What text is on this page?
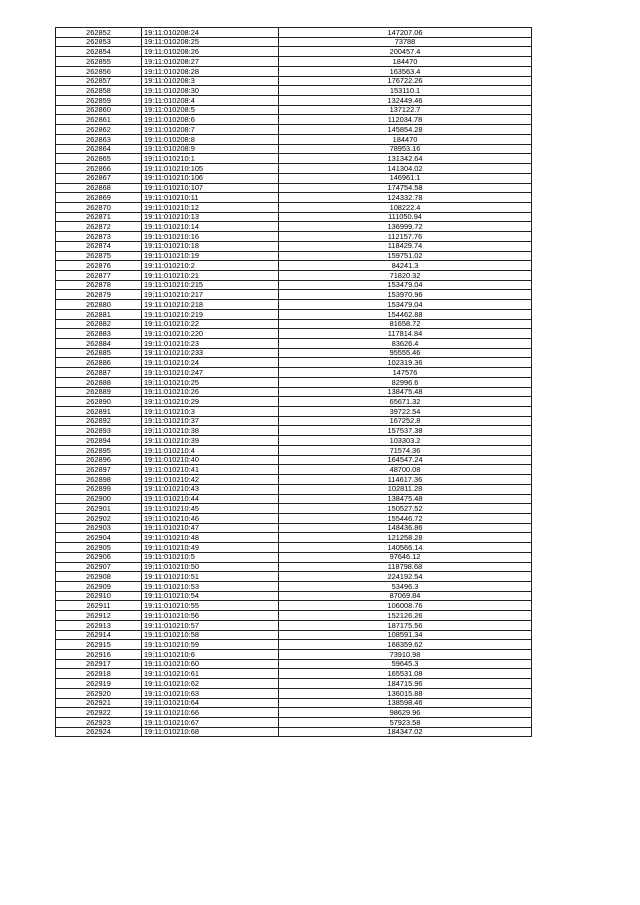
262852	19:11:010208:24	147207.06
262853	19:11:010208:25	73788
262854	19:11:010208:26	200457.4
262855	19:11:010208:27	184470
262856	19:11:010208:28	163563.4
262857	19:11:010208:3	176722.26
262858	19:11:010208:30	153110.1
262859	19:11:010208:4	132449.46
262860	19:11:010208:5	137122.7
262861	19:11:010208:6	112034.78
262862	19:11:010208:7	145854.28
262863	19:11:010208:8	184470
262864	19:11:010208:9	78953.16
262865	19:11:010210:1	131342.64
262866	19:11:010210:105	141304.02
262867	19:11:010210:106	146961.1
262868	19:11:010210:107	174754.58
262869	19:11:010210:11	124332.78
262870	19:11:010210:12	108222.4
262871	19:11:010210:13	111050.94
262872	19:11:010210:14	136999.72
262873	19:11:010210:16	112157.76
262874	19:11:010210:18	118429.74
262875	19:11:010210:19	159751.02
262876	19:11:010210:2	84241.3
262877	19:11:010210:21	71820.32
262878	19:11:010210:215	153479.04
262879	19:11:010210:217	153970.96
262880	19:11:010210:218	153479.04
262881	19:11:010210:219	154462.88
262882	19:11:010210:22	81658.72
262883	19:11:010210:220	117814.84
262884	19:11:010210:23	83626.4
262885	19:11:010210:233	95555.46
262886	19:11:010210:24	102319.36
262887	19:11:010210:247	147576
262888	19:11:010210:25	82996.6
262889	19:11:010210:26	138475.48
262890	19:11:010210:29	65671.32
262891	19:11:010210:3	39722.54
262892	19:11:010210:37	167252.8
262893	19:11:010210:38	157537.38
262894	19:11:010210:39	103303.2
262895	19:11:010210:4	71574.36
262896	19:11:010210:40	164547.24
262897	19:11:010210:41	48700.08
262898	19:11:010210:42	114617.36
262899	19:11:010210:43	102811.28
262900	19:11:010210:44	138475.48
262901	19:11:010210:45	150527.52
262902	19:11:010210:46	155446.72
262903	19:11:010210:47	148436.86
262904	19:11:010210:48	121258.28
262905	19:11:010210:49	140566.14
262906	19:11:010210:5	97646.12
262907	19:11:010210:50	118798.68
262908	19:11:010210:51	224192.54
262909	19:11:010210:53	53496.3
262910	19:11:010210:54	87069.84
262911	19:11:010210:55	106008.76
262912	19:11:010210:56	152126.26
262913	19:11:010210:57	187175.56
262914	19:11:010210:58	108591.34
262915	19:11:010210:59	168359.62
262916	19:11:010210:6	73910.98
262917	19:11:010210:60	59645.3
262918	19:11:010210:61	165531.08
262919	19:11:010210:62	184715.96
262920	19:11:010210:63	136015.88
262921	19:11:010210:64	138598.46
262922	19:11:010210:66	98629.96
262923	19:11:010210:67	57923.58
262924	19:11:010210:68	184347.02
